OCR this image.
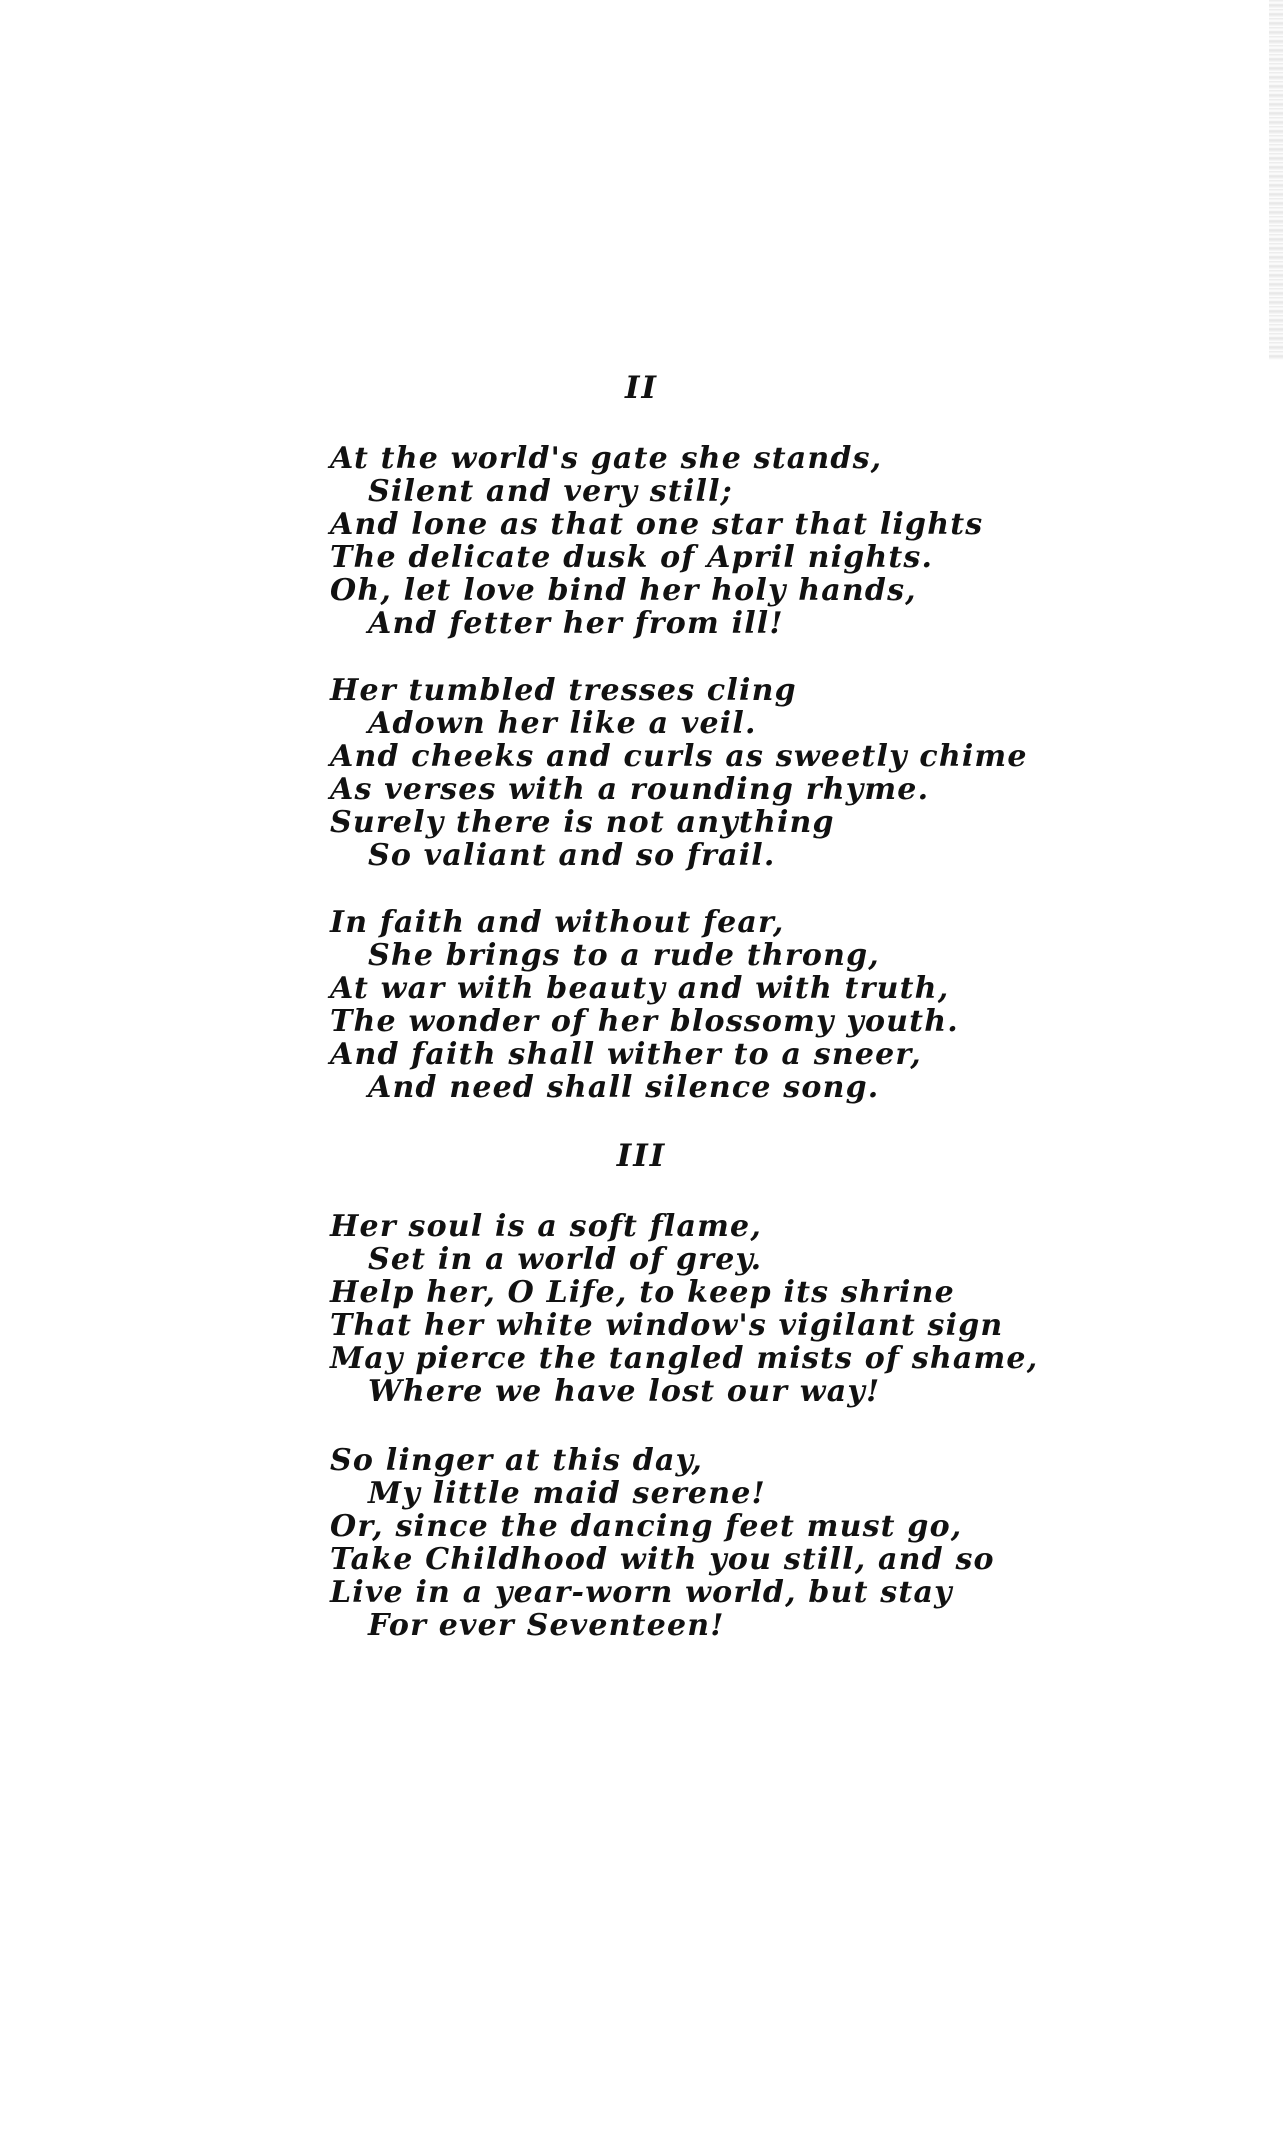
II
At the world's gate she stands,
Silent and very still;
And lone as that one star that lights
The delicate dusk of April nights.
Oh, let love bind her holy hands,
And fetter her from ill!
Her tumbled tresses cling
Adown her like a veil.
And cheeks and curls as sweetly chime
As verses with a rounding rhyme.
Surely there is not anything
So valiant and so frail.
In faith and without fear,
She brings to a rude throng,
At war with beauty and with truth,
The wonder of her blossomy youth.
And faith shall wither to a sneer,
And need shall silence song.
III
Her soul is a soft flame,
Set in a world of grey.
Help her, O Life, to keep its shrine
That her white window's vigilant sign
May pierce the tangled mists of shame,
Where we have lost our way!
So linger at this day,
My little maid serene!
Or, since the dancing feet must go,
Take Childhood with you still, and so
Live in a year-worn world, but stay
For ever Seventeen!
